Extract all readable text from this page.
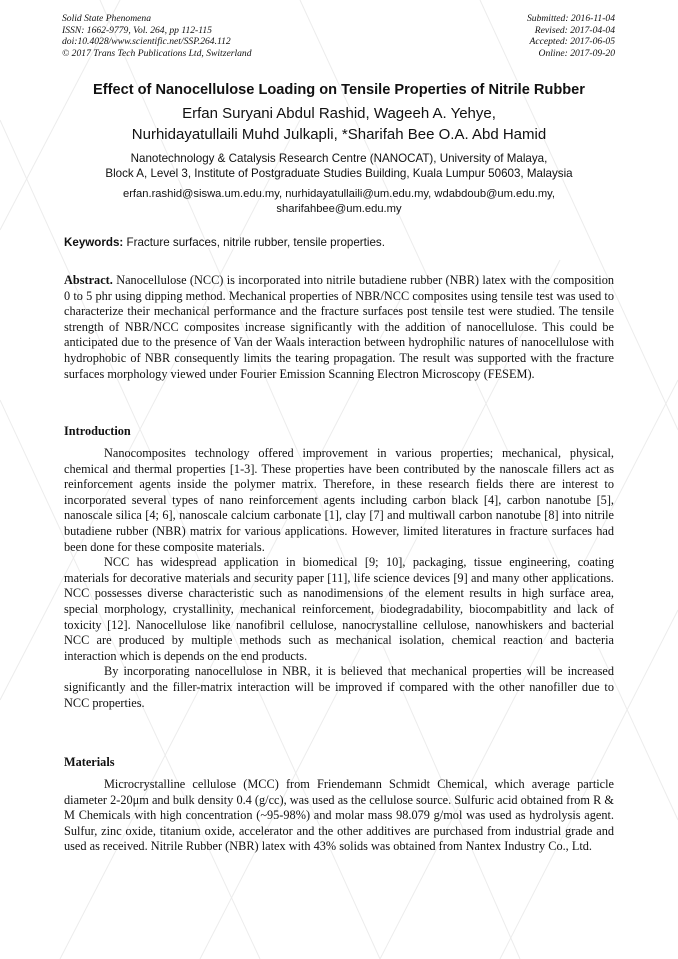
Solid State Phenomena
ISSN: 1662-9779, Vol. 264, pp 112-115
doi:10.4028/www.scientific.net/SSP.264.112
© 2017 Trans Tech Publications Ltd, Switzerland
Submitted: 2016-11-04
Revised: 2017-04-04
Accepted: 2017-06-05
Online: 2017-09-20
Effect of Nanocellulose Loading on Tensile Properties of Nitrile Rubber
Erfan Suryani Abdul Rashid, Wageeh A. Yehye,
Nurhidayatullaili Muhd Julkapli, *Sharifah Bee O.A. Abd Hamid
Nanotechnology & Catalysis Research Centre (NANOCAT), University of Malaya,
Block A, Level 3, Institute of Postgraduate Studies Building, Kuala Lumpur 50603, Malaysia
erfan.rashid@siswa.um.edu.my, nurhidayatullaili@um.edu.my, wdabdoub@um.edu.my,
sharifahbee@um.edu.my
Keywords: Fracture surfaces, nitrile rubber, tensile properties.
Abstract. Nanocellulose (NCC) is incorporated into nitrile butadiene rubber (NBR) latex with the composition 0 to 5 phr using dipping method. Mechanical properties of NBR/NCC composites using tensile test was used to characterize their mechanical performance and the fracture surfaces post tensile test were studied. The tensile strength of NBR/NCC composites increase significantly with the addition of nanocellulose. This could be anticipated due to the presence of Van der Waals interaction between hydrophilic natures of nanocellulose with hydrophobic of NBR consequently limits the tearing propagation. The result was supported with the fracture surfaces morphology viewed under Fourier Emission Scanning Electron Microscopy (FESEM).
Introduction

Nanocomposites technology offered improvement in various properties; mechanical, physical, chemical and thermal properties [1-3]. These properties have been contributed by the nanoscale fillers act as reinforcement agents inside the polymer matrix. Therefore, in these research fields there are interest to incorporated several types of nano reinforcement agents including carbon black [4], carbon nanotube [5], nanoscale silica [4; 6], nanoscale calcium carbonate [1], clay [7] and multiwall carbon nanotube [8] into nitrile butadiene rubber (NBR) matrix for various applications. However, limited literatures in fracture surfaces had been done for these composite materials.

NCC has widespread application in biomedical [9; 10], packaging, tissue engineering, coating materials for decorative materials and security paper [11], life science devices [9] and many other applications. NCC possesses diverse characteristic such as nanodimensions of the element results in high surface area, special morphology, crystallinity, mechanical reinforcement, biodegradability, biocompabitlity and lack of toxicity [12]. Nanocellulose like nanofibril cellulose, nanocrystalline cellulose, nanowhiskers and bacterial NCC are produced by multiple methods such as mechanical isolation, chemical reaction and bacteria interaction which is depends on the end products.

By incorporating nanocellulose in NBR, it is believed that mechanical properties will be increased significantly and the filler-matrix interaction will be improved if compared with the other nanofiller due to NCC properties.

Materials

Microcrystalline cellulose (MCC) from Friendemann Schmidt Chemical, which average particle diameter 2-20μm and bulk density 0.4 (g/cc), was used as the cellulose source. Sulfuric acid obtained from R & M Chemicals with high concentration (~95-98%) and molar mass 98.079 g/mol was used as hydrolysis agent. Sulfur, zinc oxide, titanium oxide, accelerator and the other additives are purchased from industrial grade and used as received. Nitrile Rubber (NBR) latex with 43% solids was obtained from Nantex Industry Co., Ltd.
